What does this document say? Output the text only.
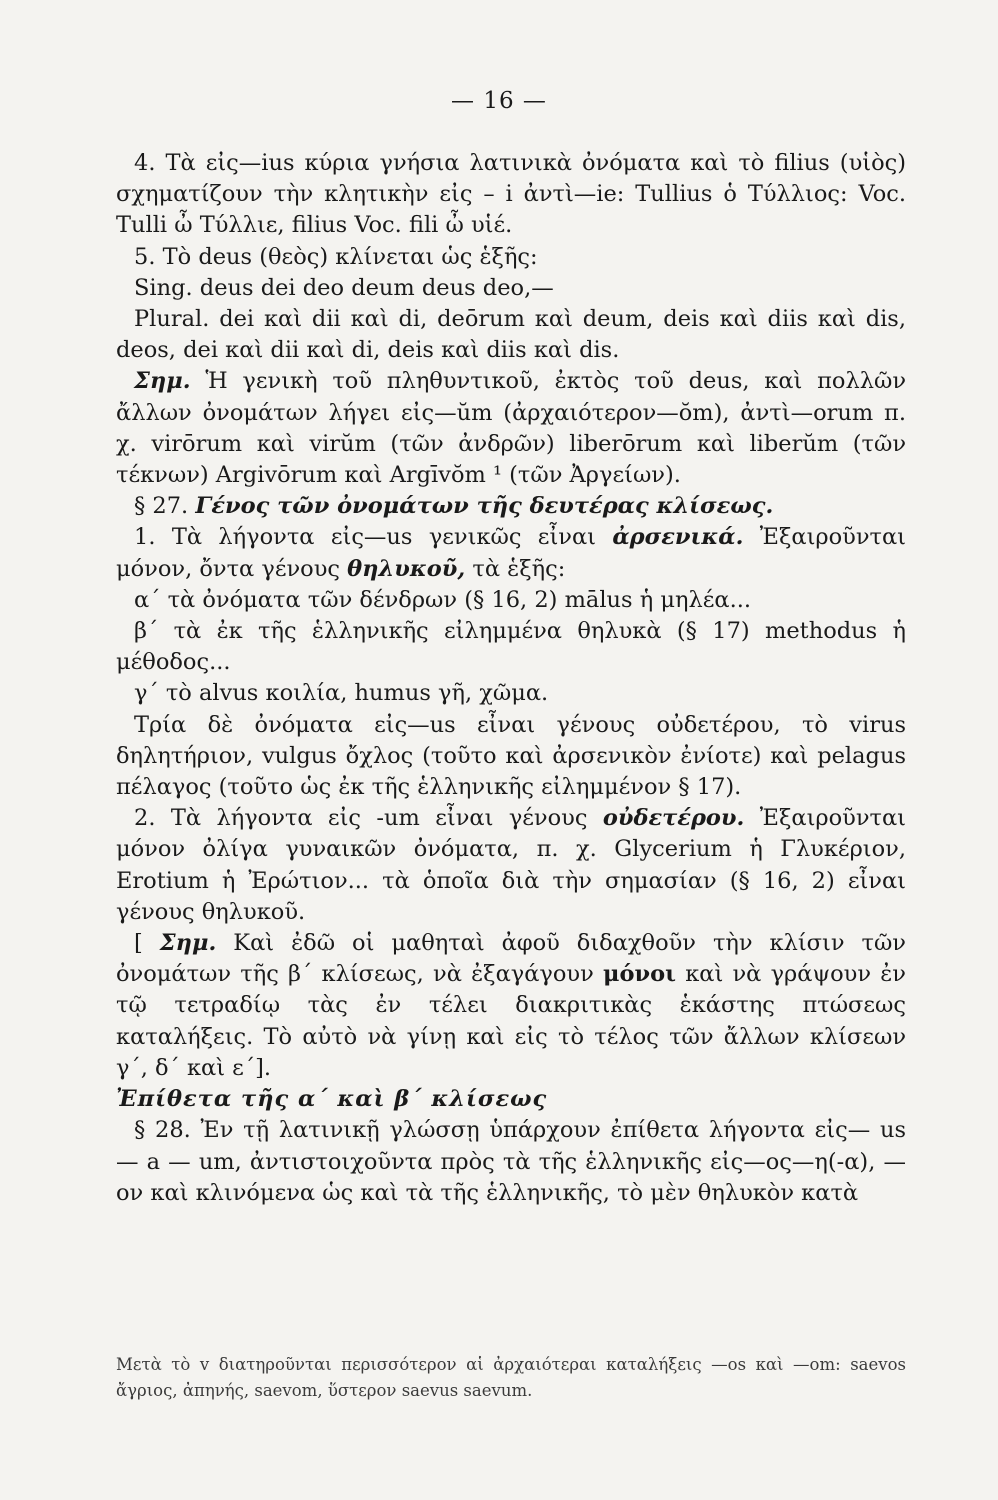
— 16 —

4. Τὰ εἰς—ius κύρια γνήσια λατινικὰ ὀνόματα καὶ τὸ filius (υἱὸς) σχηματίζουν τὴν κλητικὴν εἰς – i ἀντὶ—ie: Tullius ὁ Τύλλιος: Voc. Tulli ὦ Τύλλιε, filius Voc. fili ὦ υἱέ.

5. Τὸ deus (θεὸς) κλίνεται ὡς ἑξῆς:

Sing. deus dei deo deum deus deo,—

Plural. dei καὶ dii καὶ di, deōrum καὶ deum, deis καὶ diis καὶ dis, deos, dei καὶ dii καὶ di, deis καὶ diis καὶ dis.

Σημ. Ἡ γενικὴ τοῦ πληθυντικοῦ, ἐκτὸς τοῦ deus, καὶ πολλῶν ἄλλων ὀνομάτων λήγει εἰς—ŭm (ἀρχαιότερον—ŏm), ἀντὶ—orum π. χ. virōrum καὶ virŭm (τῶν ἀνδρῶν) liberōrum καὶ liberŭm (τῶν τέκνων) Argivōrum καὶ Argīvŏm ¹ (τῶν Ἀργείων).

§ 27. Γένος τῶν ὀνομάτων τῆς δευτέρας κλίσεως.

1. Τὰ λήγοντα εἰς—us γενικῶς εἶναι ἀρσενικά. Ἐξαιροῦνται μόνον, ὄντα γένους θηλυκοῦ, τὰ ἑξῆς:

α΄ τὰ ὀνόματα τῶν δένδρων (§ 16, 2) mālus ἡ μηλέα...

β΄ τὰ ἐκ τῆς ἑλληνικῆς εἰλημμένα θηλυκὰ (§ 17) methodus ἡ μέθοδος...

γ΄ τὸ alvus κοιλία, humus γῆ, χῶμα.

Τρία δὲ ὀνόματα εἰς—us εἶναι γένους οὐδετέρου, τὸ virus δηλητήριον, vulgus ὄχλος (τοῦτο καὶ ἀρσενικὸν ἐνίοτε) καὶ pelagus πέλαγος (τοῦτο ὡς ἐκ τῆς ἑλληνικῆς εἰλημμένον § 17).

2. Τὰ λήγοντα εἰς -um εἶναι γένους οὐδετέρου. Ἐξαιροῦνται μόνον ὀλίγα γυναικῶν ὀνόματα, π. χ. Glycerium ἡ Γλυκέριον, Erotium ἡ Ἐρώτιον... τὰ ὁποῖα διὰ τὴν σημασίαν (§ 16, 2) εἶναι γένους θηλυκοῦ.

[ Σημ. Καὶ ἐδῶ οἱ μαθηταὶ ἀφοῦ διδαχθοῦν τὴν κλίσιν τῶν ὀνομάτων τῆς β΄ κλίσεως, νὰ ἐξαγάγουν μόνοι καὶ νὰ γράψουν ἐν τῷ τετραδίῳ τὰς ἐν τέλει διακριτικὰς ἑκάστης πτώσεως καταλήξεις. Τὸ αὐτὸ νὰ γίνῃ καὶ εἰς τὸ τέλος τῶν ἄλλων κλίσεων γ΄, δ΄ καὶ ε΄].

Ἐπίθετα τῆς α΄ καὶ β΄ κλίσεως

§ 28. Ἐν τῇ λατινικῇ γλώσσῃ ὑπάρχουν ἐπίθετα λήγοντα εἰς— us — a — um, ἀντιστοιχοῦντα πρὸς τὰ τῆς ἑλληνικῆς εἰς—ος—η(-α), —ον καὶ κλινόμενα ὡς καὶ τὰ τῆς ἑλληνικῆς, τὸ μὲν θηλυκὸν κατὰ

Μετὰ τὸ v διατηροῦνται περισσότερον αἱ ἀρχαιότεραι καταλήξεις —os καὶ —om: saevos ἄγριος, ἀπηνής, saevom, ὕστερον saevus saevum.
